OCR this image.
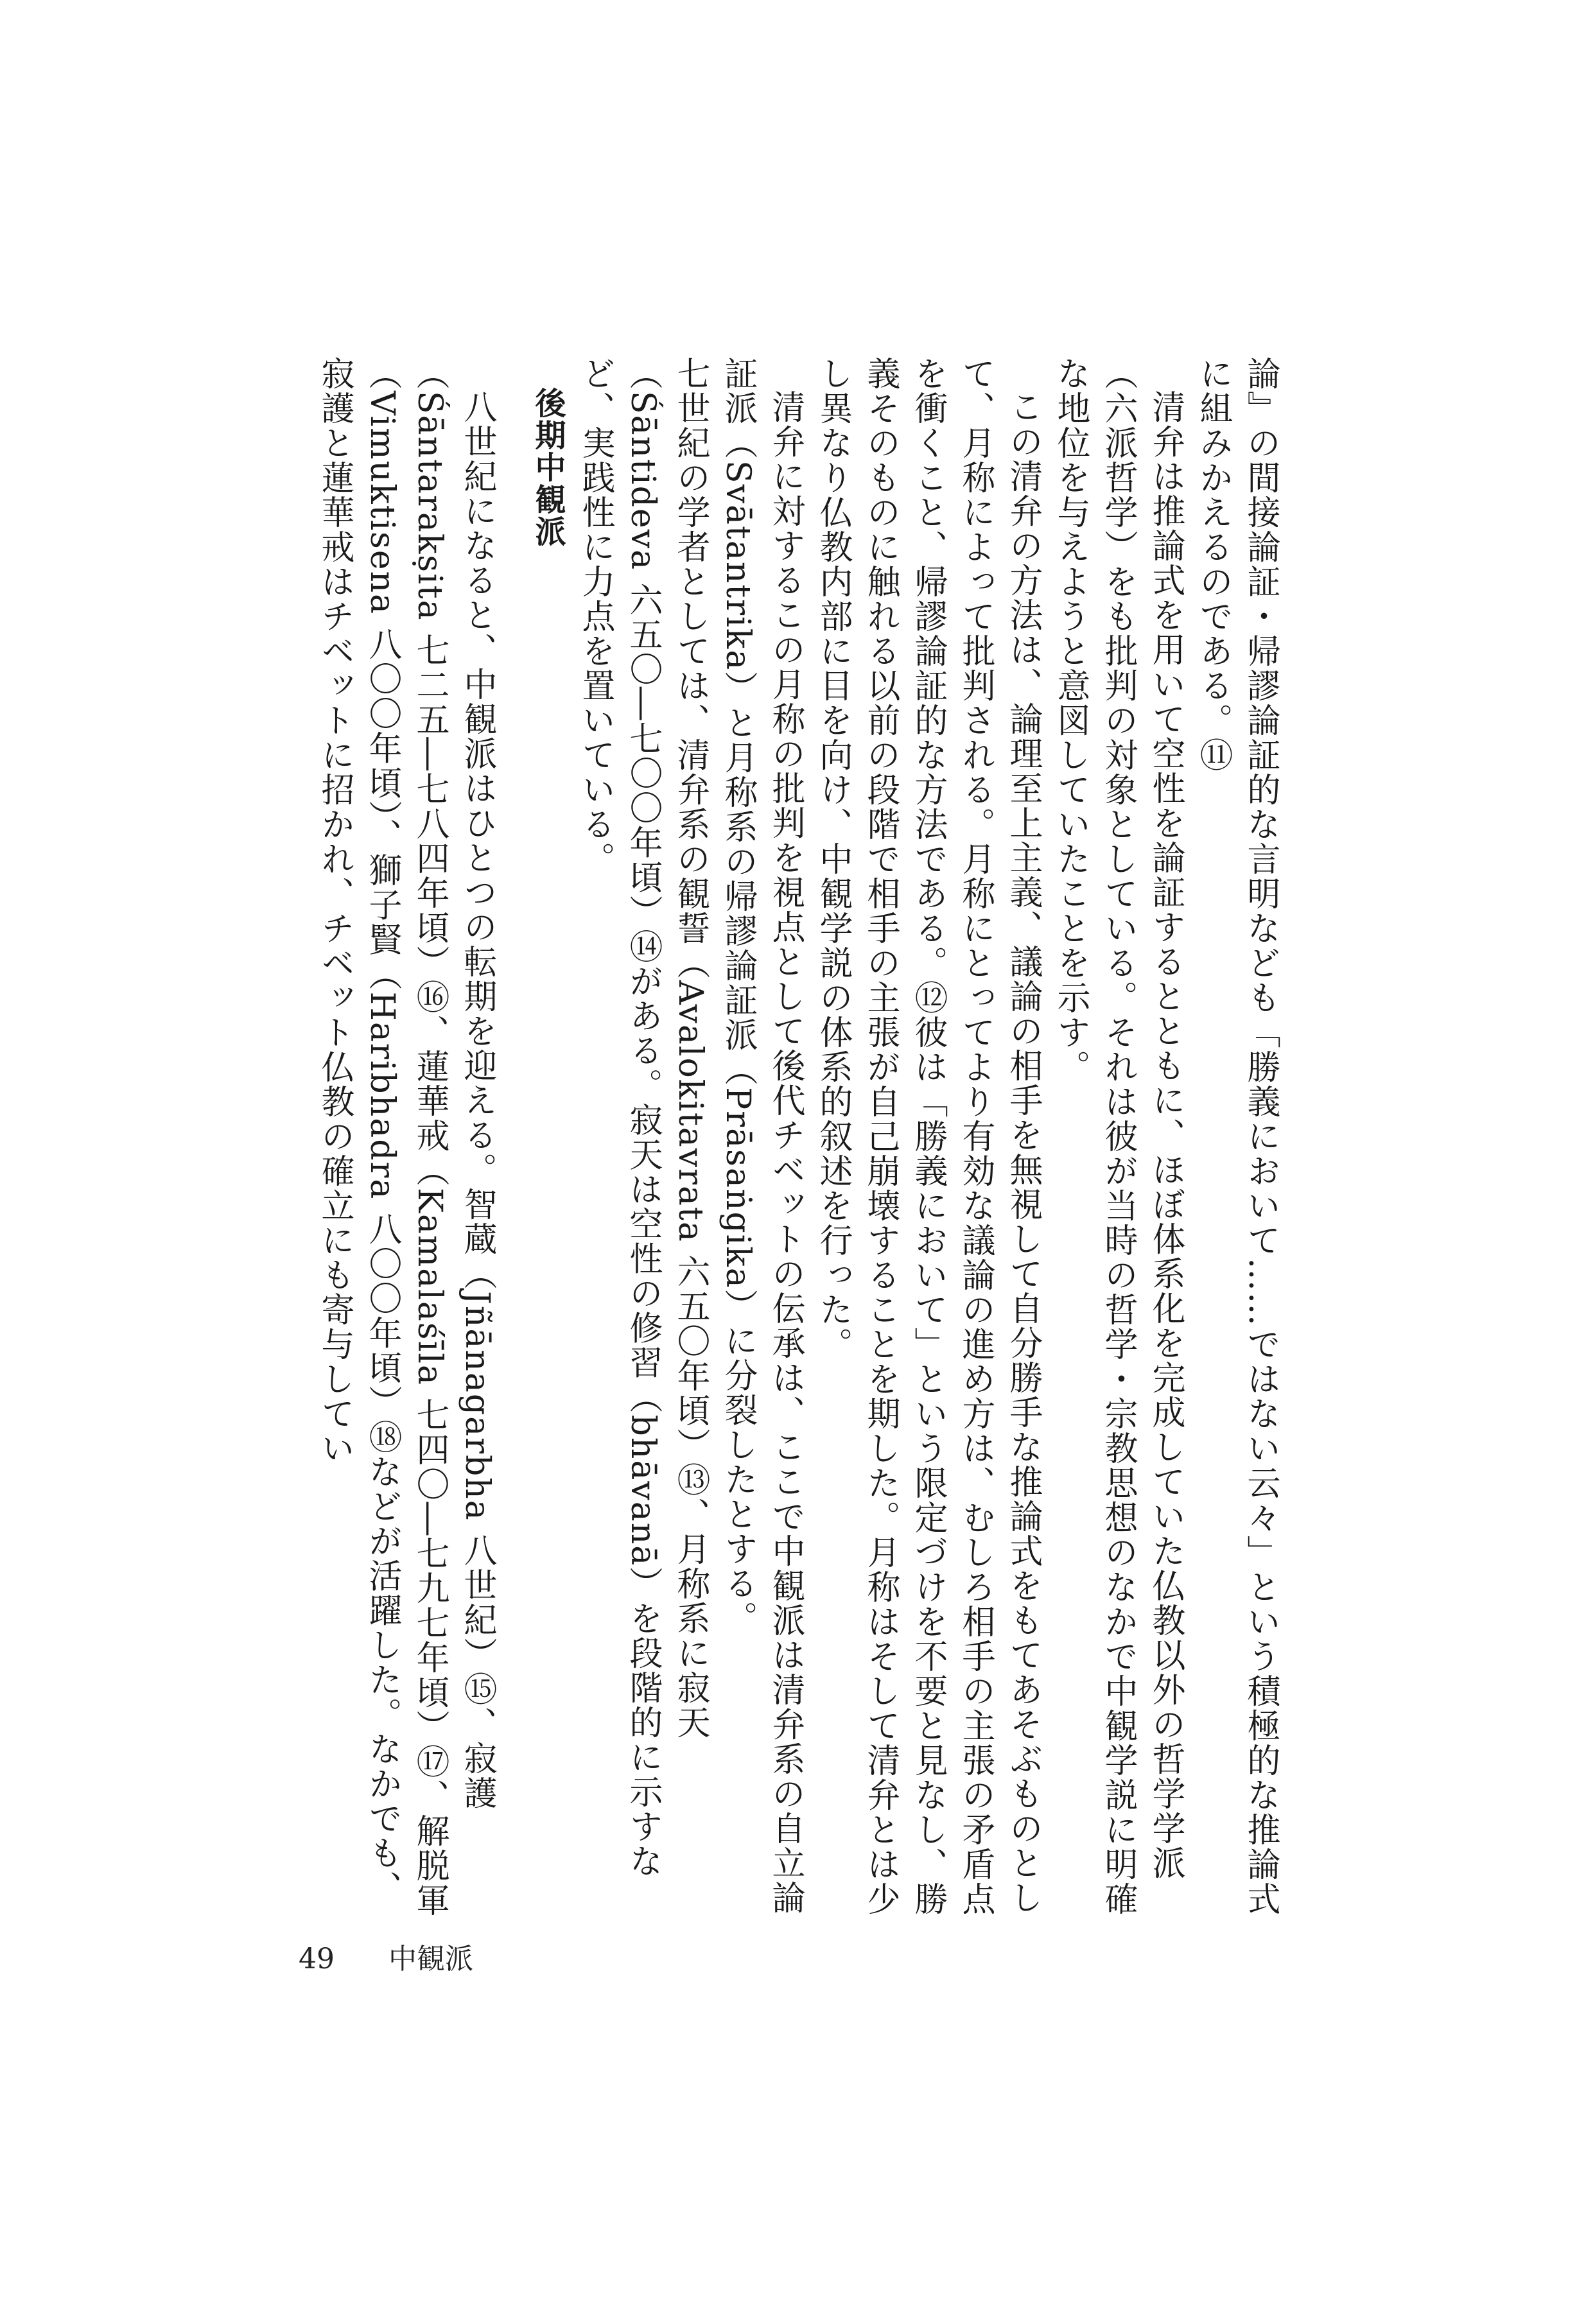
論』の間接論証・帰謬論証的な言明なども「勝義において……ではない云々」という積極的な推論式に組みかえるのである。⑪

清弁は推論式を用いて空性を論証するとともに、ほぼ体系化を完成していた仏教以外の哲学学派（六派哲学）をも批判の対象としている。それは彼が当時の哲学・宗教思想のなかで中観学説に明確な地位を与えようと意図していたことを示す。

この清弁の方法は、論理至上主義、議論の相手を無視して自分勝手な推論式をもてあそぶものとして、月称によって批判される。月称にとってより有効な議論の進め方は、むしろ相手の主張の矛盾点を衝くこと、帰謬論証的な方法である。⑫彼は「勝義において」という限定づけを不要と見なし、勝義そのものに触れる以前の段階で相手の主張が自己崩壊することを期した。月称はそして清弁とは少し異なり仏教内部に目を向け、中観学説の体系的叙述を行った。

清弁に対するこの月称の批判を視点として後代チベットの伝承は、ここで中観派は清弁系の自立論証派（Svātantrika）と月称系の帰謬論証派（Prāsaṅgika）に分裂したとする。

七世紀の学者としては、清弁系の観誓（Avalokitavrata 六五〇年頃）⑬、月称系に寂天（Śāntideva 六五〇―七〇〇年頃）⑭がある。寂天は空性の修習（bhāvanā）を段階的に示すなど、実践性に力点を置いている。

後期中観派

八世紀になると、中観派はひとつの転期を迎える。智蔵（Jñānagarbha 八世紀）⑮、寂護（Śāntarakṣita 七二五―七八四年頃）⑯、蓮華戒（Kamalaśīla 七四〇―七九七年頃）⑰、解脱軍（Vimuktisena 八〇〇年頃）、獅子賢（Haribhadra 八〇〇年頃）⑱などが活躍した。なかでも、寂護と蓮華戒はチベットに招かれ、チベット仏教の確立にも寄与してい

49 中観派
